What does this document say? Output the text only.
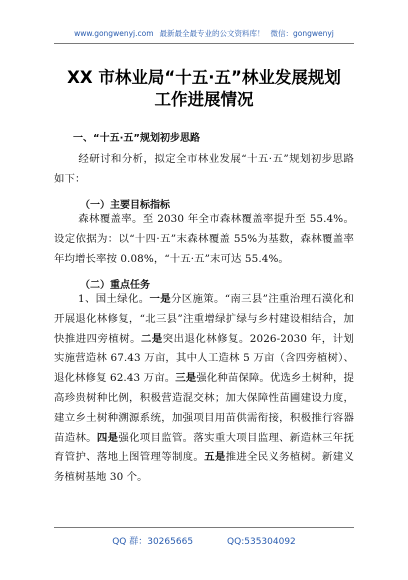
www.gongwenyj.com 最新最全最专业的公文资料库！ 微信：gongwenyj
XX 市林业局“十五·五”林业发展规划
工作进展情况
一、“十五·五”规划初步思路
经研讨和分析，拟定全市林业发展“十五·五”规划初步思路如下：
（一）主要目标指标
森林覆盖率。至 2030 年全市森林覆盖率提升至 55.4%。设定依据为：以“十四·五”末森林覆盖 55%为基数，森林覆盖率年均增长率按 0.08%，“十五·五”末可达 55.4%。
（二）重点任务
1、国土绿化。一是分区施策。“南三县”注重治理石漠化和开展退化林修复，“北三县”注重增绿扩绿与乡村建设相结合，加快推进四旁植树。二是突出退化林修复。2026-2030 年，计划实施营造林 67.43 万亩，其中人工造林 5 万亩（含四旁植树）、退化林修复 62.43 万亩。三是强化种苗保障。优选乡土树种，提高珍贵树种比例，积极营造混交林；加大保障性苗圃建设力度，建立乡土树种溯源系统，加强项目用苗供需衔接，积极推行容器苗造林。四是强化项目监管。落实重大项目监理、新造林三年抚育管护、落地上图管理等制度。五是推进全民义务植树。新建义务植树基地 30 个。
QQ 群：30265665	QQ:535304092
